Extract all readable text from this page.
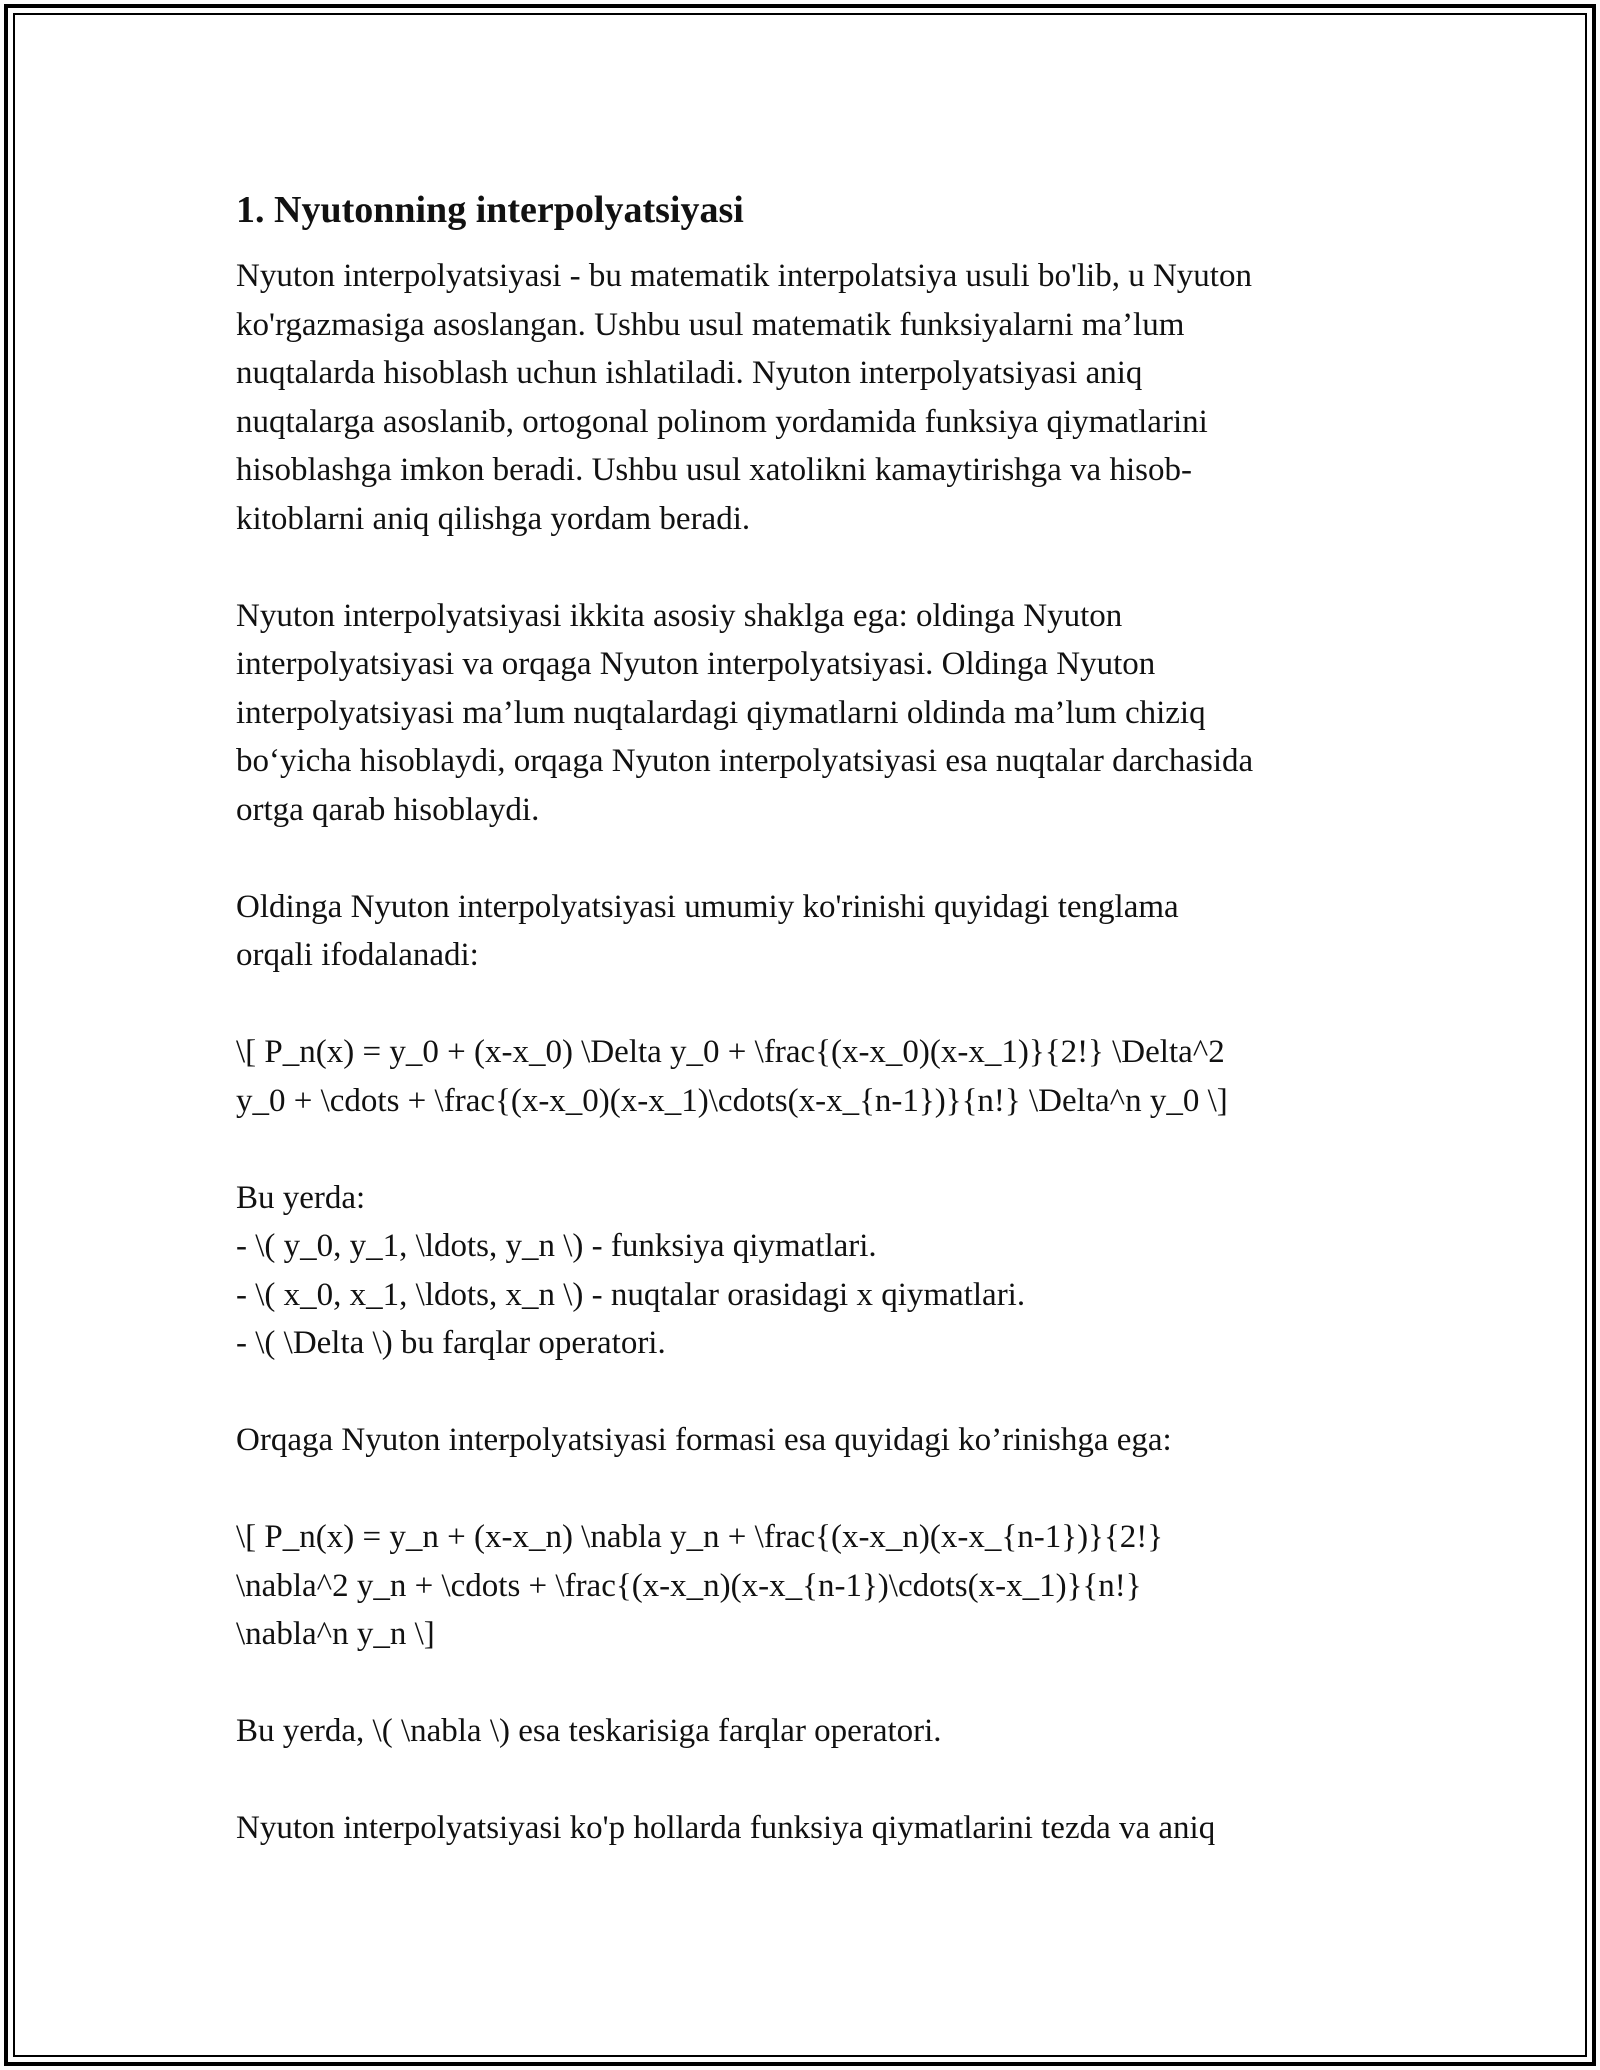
1. Nyutonning interpolyatsiyasi

Nyuton interpolyatsiyasi - bu matematik interpolatsiya usuli bo'lib, u Nyuton
ko'rgazmasiga asoslangan. Ushbu usul matematik funksiyalarni ma’lum
nuqtalarda hisoblash uchun ishlatiladi. Nyuton interpolyatsiyasi aniq
nuqtalarga asoslanib, ortogonal polinom yordamida funksiya qiymatlarini
hisoblashga imkon beradi. Ushbu usul xatolikni kamaytirishga va hisob-
kitoblarni aniq qilishga yordam beradi.

Nyuton interpolyatsiyasi ikkita asosiy shaklga ega: oldinga Nyuton
interpolyatsiyasi va orqaga Nyuton interpolyatsiyasi. Oldinga Nyuton
interpolyatsiyasi ma’lum nuqtalardagi qiymatlarni oldinda ma’lum chiziq
bo‘yicha hisoblaydi, orqaga Nyuton interpolyatsiyasi esa nuqtalar darchasida
ortga qarab hisoblaydi.

Oldinga Nyuton interpolyatsiyasi umumiy ko'rinishi quyidagi tenglama
orqali ifodalanadi:

\[ P_n(x) = y_0 + (x-x_0) \Delta y_0 + \frac{(x-x_0)(x-x_1)}{2!} \Delta^2
y_0 + \cdots + \frac{(x-x_0)(x-x_1)\cdots(x-x_{n-1})}{n!} \Delta^n y_0 \]

Bu yerda:
- \( y_0, y_1, \ldots, y_n \) - funksiya qiymatlari.
- \( x_0, x_1, \ldots, x_n \) - nuqtalar orasidagi x qiymatlari.
- \( \Delta \) bu farqlar operatori.

Orqaga Nyuton interpolyatsiyasi formasi esa quyidagi ko’rinishga ega:

\[ P_n(x) = y_n + (x-x_n) \nabla y_n + \frac{(x-x_n)(x-x_{n-1})}{2!}
\nabla^2 y_n + \cdots + \frac{(x-x_n)(x-x_{n-1})\cdots(x-x_1)}{n!}
\nabla^n y_n \]

Bu yerda, \( \nabla \) esa teskarisiga farqlar operatori.

Nyuton interpolyatsiyasi ko'p hollarda funksiya qiymatlarini tezda va aniq
